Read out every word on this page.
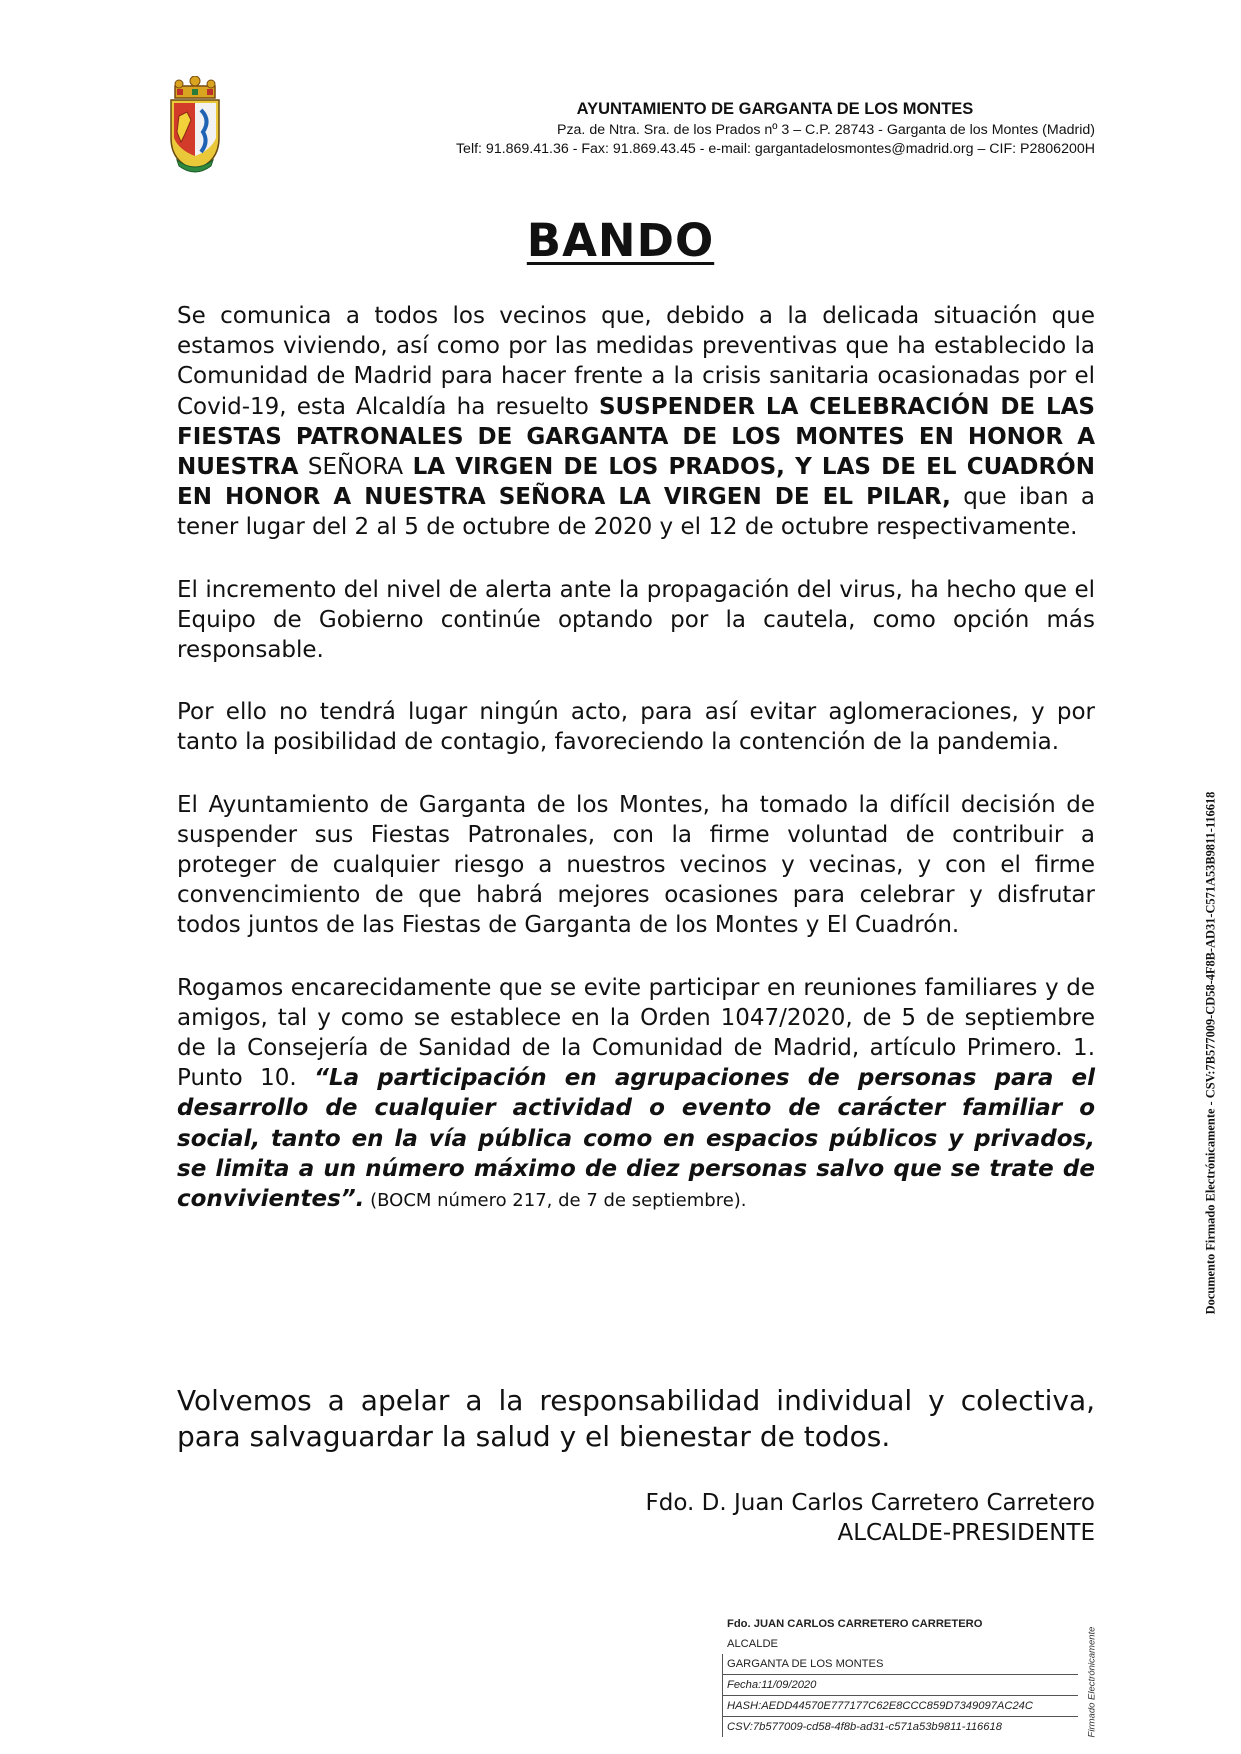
AYUNTAMIENTO DE GARGANTA DE LOS MONTES
Pza. de Ntra. Sra. de los Prados nº 3 – C.P. 28743 - Garganta de los Montes (Madrid)
Telf: 91.869.41.36 - Fax: 91.869.43.45 - e-mail: gargantadelosmontes@madrid.org – CIF: P2806200H
BANDO

Se comunica a todos los vecinos que, debido a la delicada situación que estamos viviendo, así como por las medidas preventivas que ha establecido la Comunidad de Madrid para hacer frente a la crisis sanitaria ocasionadas por el Covid-19, esta Alcaldía ha resuelto SUSPENDER LA CELEBRACIÓN DE LAS FIESTAS PATRONALES DE GARGANTA DE LOS MONTES EN HONOR A NUESTRA SEÑORA LA VIRGEN DE LOS PRADOS, Y LAS DE EL CUADRÓN EN HONOR A NUESTRA SEÑORA LA VIRGEN DE EL PILAR, que iban a tener lugar del 2 al 5 de octubre de 2020 y el 12 de octubre respectivamente.

El incremento del nivel de alerta ante la propagación del virus, ha hecho que el Equipo de Gobierno continúe optando por la cautela, como opción más responsable.

Por ello no tendrá lugar ningún acto, para así evitar aglomeraciones, y por tanto la posibilidad de contagio, favoreciendo la contención de la pandemia.

El Ayuntamiento de Garganta de los Montes, ha tomado la difícil decisión de suspender sus Fiestas Patronales, con la firme voluntad de contribuir a proteger de cualquier riesgo a nuestros vecinos y vecinas, y con el firme convencimiento de que habrá mejores ocasiones para celebrar y disfrutar todos juntos de las Fiestas de Garganta de los Montes y El Cuadrón.

Rogamos encarecidamente que se evite participar en reuniones familiares y de amigos, tal y como se establece en la Orden 1047/2020, de 5 de septiembre de la Consejería de Sanidad de la Comunidad de Madrid, artículo Primero. 1. Punto 10. “La participación en agrupaciones de personas para el desarrollo de cualquier actividad o evento de carácter familiar o social, tanto en la vía pública como en espacios públicos y privados, se limita a un número máximo de diez personas salvo que se trate de convivientes”. (BOCM número 217, de 7 de septiembre).

Volvemos a apelar a la responsabilidad individual y colectiva, para salvaguardar la salud y el bienestar de todos.
Fdo. D. Juan Carlos Carretero Carretero
ALCALDE-PRESIDENTE
Documento Firmado Electrónicamente - CSV:7B577009-CD58-4F8B-AD31-C571A53B9811-116618
Fdo. JUAN CARLOS CARRETERO CARRETERO
ALCALDE
GARGANTA DE LOS MONTES
Fecha:11/09/2020
HASH:AEDD44570E777177C62E8CCC859D7349097AC24C
CSV:7b577009-cd58-4f8b-ad31-c571a53b9811-116618	Firmado Electrónicamente
